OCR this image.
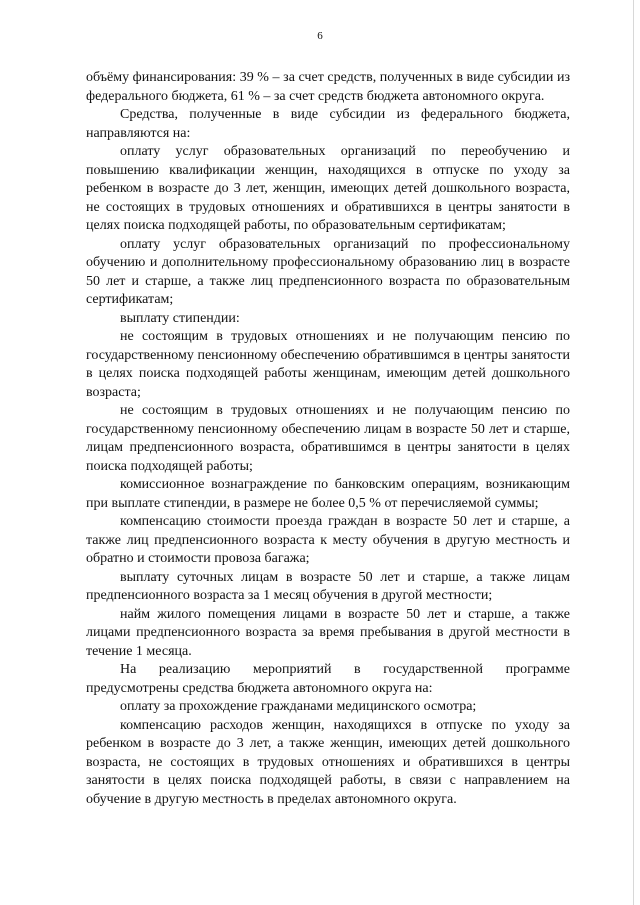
6

объёму финансирования: 39 % – за счет средств, полученных в виде субсидии из федерального бюджета, 61 % – за счет средств бюджета автономного округа.

Средства, полученные в виде субсидии из федерального бюджета, направляются на:

оплату услуг образовательных организаций по переобучению и повышению квалификации женщин, находящихся в отпуске по уходу за ребенком в возрасте до 3 лет, женщин, имеющих детей дошкольного возраста, не состоящих в трудовых отношениях и обратившихся в центры занятости в целях поиска подходящей работы, по образовательным сертификатам;

оплату услуг образовательных организаций по профессиональному обучению и дополнительному профессиональному образованию лиц в возрасте 50 лет и старше, а также лиц предпенсионного возраста по образовательным сертификатам;

выплату стипендии:

не состоящим в трудовых отношениях и не получающим пенсию по государственному пенсионному обеспечению обратившимся в центры занятости в целях поиска подходящей работы женщинам, имеющим детей дошкольного возраста;

не состоящим в трудовых отношениях и не получающим пенсию по государственному пенсионному обеспечению лицам в возрасте 50 лет и старше, лицам предпенсионного возраста, обратившимся в центры занятости в целях поиска подходящей работы;

комиссионное вознаграждение по банковским операциям, возникающим при выплате стипендии, в размере не более 0,5 % от перечисляемой суммы;

компенсацию стоимости проезда граждан в возрасте 50 лет и старше, а также лиц предпенсионного возраста к месту обучения в другую местность и обратно и стоимости провоза багажа;

выплату суточных лицам в возрасте 50 лет и старше, а также лицам предпенсионного возраста за 1 месяц обучения в другой местности;

найм жилого помещения лицами в возрасте 50 лет и старше, а также лицами предпенсионного возраста за время пребывания в другой местности в течение 1 месяца.

На реализацию мероприятий в государственной программе предусмотрены средства бюджета автономного округа на:

оплату за прохождение гражданами медицинского осмотра;

компенсацию расходов женщин, находящихся в отпуске по уходу за ребенком в возрасте до 3 лет, а также женщин, имеющих детей дошкольного возраста, не состоящих в трудовых отношениях и обратившихся в центры занятости в целях поиска подходящей работы, в связи с направлением на обучение в другую местность в пределах автономного округа.
